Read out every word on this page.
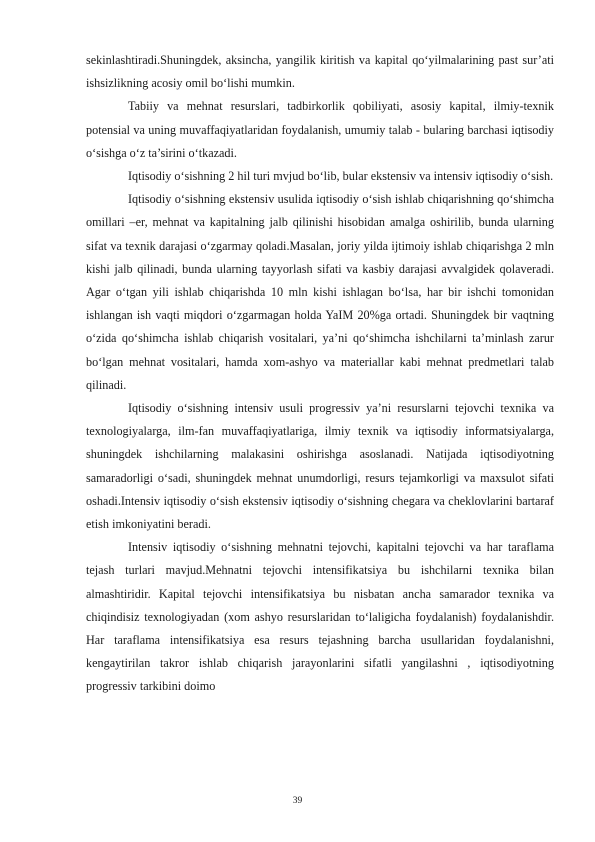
sekinlashtiradi.Shuningdek, aksincha, yangilik kiritish va kapital qo‘yilmalarining past sur’ati ishsizlikning acosiy omil bo‘lishi mumkin.

Tabiiy va mehnat resurslari, tadbirkorlik qobiliyati, asosiy kapital, ilmiy-texnik potensial va uning muvaffaqiyatlaridan foydalanish, umumiy talab - bularing barchasi iqtisodiy o‘sishga o‘z ta’sirini o‘tkazadi.

Iqtisodiy o‘sishning 2 hil turi mvjud bo‘lib, bular ekstensiv va intensiv iqtisodiy o‘sish.

Iqtisodiy o‘sishning ekstensiv usulida iqtisodiy o‘sish ishlab chiqarishning qo‘shimcha omillari –er, mehnat va kapitalning jalb qilinishi hisobidan amalga oshirilib, bunda ularning sifat va texnik darajasi o‘zgarmay qoladi.Masalan, joriy yilda ijtimoiy ishlab chiqarishga 2 mln kishi jalb qilinadi, bunda ularning tayyorlash sifati va kasbiy darajasi avvalgidek qolaveradi. Agar o‘tgan yili ishlab chiqarishda 10 mln kishi ishlagan bo‘lsa, har bir ishchi tomonidan ishlangan ish vaqti miqdori o‘zgarmagan holda YaIM 20%ga ortadi. Shuningdek bir vaqtning o‘zida qo‘shimcha ishlab chiqarish vositalari, ya’ni qo‘shimcha ishchilarni ta’minlash zarur bo‘lgan mehnat vositalari, hamda xom-ashyo va materiallar kabi mehnat predmetlari talab qilinadi.

Iqtisodiy o‘sishning intensiv usuli progressiv ya’ni resurslarni tejovchi texnika va texnologiyalarga, ilm-fan muvaffaqiyatlariga, ilmiy texnik va iqtisodiy informatsiyalarga, shuningdek ishchilarning malakasini oshirishga asoslanadi. Natijada iqtisodiyotning samaradorligi o‘sadi, shuningdek mehnat unumdorligi, resurs tejamkorligi va maxsulot sifati oshadi.Intensiv iqtisodiy o‘sish ekstensiv iqtisodiy o‘sishning chegara va cheklovlarini bartaraf etish imkoniyatini beradi.

Intensiv iqtisodiy o‘sishning mehnatni tejovchi, kapitalni tejovchi va har taraflama tejash turlari mavjud.Mehnatni tejovchi intensifikatsiya bu ishchilarni texnika bilan almashtiridir. Kapital tejovchi intensifikatsiya bu nisbatan ancha samarador texnika va chiqindisiz texnologiyadan (xom ashyo resurslaridan to‘laligicha foydalanish) foydalanishdir. Har taraflama intensifikatsiya esa resurs tejashning barcha usullaridan foydalanishni, kengaytirilan takror ishlab chiqarish jarayonlarini sifatli yangilashni , iqtisodiyotning progressiv tarkibini doimo

39
